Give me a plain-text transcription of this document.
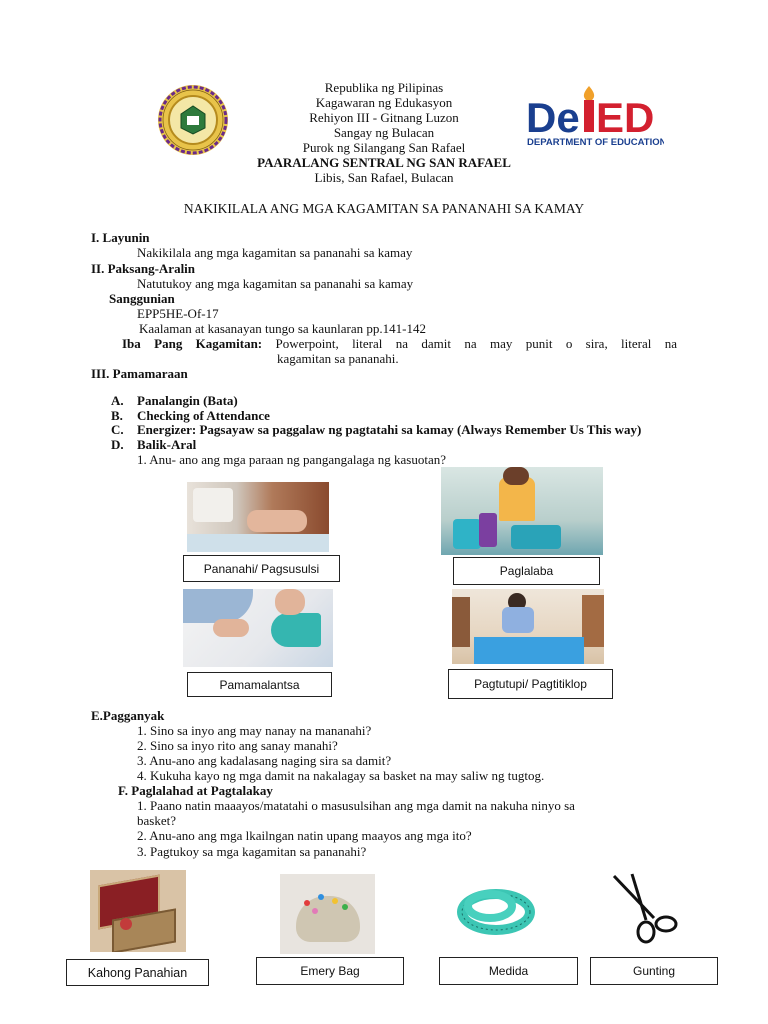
De ED
DEPARTMENT OF EDUCATION
Republika ng Pilipinas
Kagawaran ng Edukasyon
Rehiyon III - Gitnang Luzon
Sangay ng Bulacan
Purok ng Silangang San Rafael
PAARALANG SENTRAL NG SAN RAFAEL
Libis, San Rafael, Bulacan
NAKIKILALA ANG MGA KAGAMITAN SA PANANAHI SA KAMAY
I. Layunin
Nakikilala ang mga kagamitan sa pananahi sa kamay
II. Paksang-Aralin
Natutukoy ang mga kagamitan sa pananahi sa kamay
Sanggunian
EPP5HE-Of-17
Kaalaman at kasanayan tungo sa kaunlaran pp.141-142
Iba Pang Kagamitan: Powerpoint, literal na damit na may punit o sira, literal na
kagamitan sa pananahi.
III. Pamamaraan
A. Panalangin (Bata)
B. Checking of Attendance
C. Energizer: Pagsayaw sa paggalaw ng pagtatahi sa kamay (Always Remember Us This way)
D. Balik-Aral
1. Anu- ano ang mga paraan ng pangangalaga ng kasuotan?
Pananahi/ Pagsusulsi	Paglalaba
Pamamalantsa	Pagtutupi/ Pagtitiklop
E.Pagganyak
1. Sino sa inyo ang may nanay na mananahi?
2. Sino sa inyo rito ang sanay manahi?
3. Anu-ano ang kadalasang naging sira sa damit?
4. Kukuha kayo ng mga damit na nakalagay sa basket na may saliw ng tugtog.
F. Paglalahad at Pagtalakay
1. Paano natin maaayos/matatahi o masusulsihan ang mga damit na nakuha ninyo sa
basket?
2. Anu-ano ang mga lkailngan natin upang maayos ang mga ito?
3. Pagtukoy sa mga kagamitan sa pananahi?
Kahong Panahian	Emery Bag	Medida	Gunting
